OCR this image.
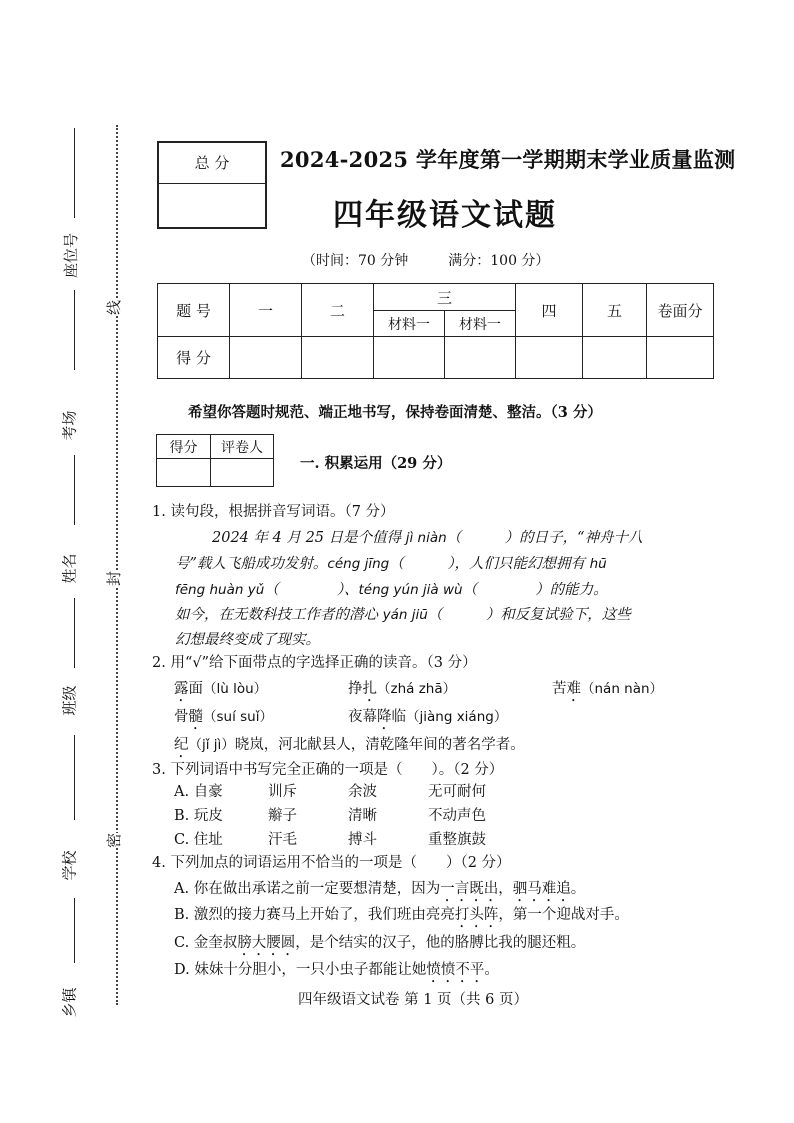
座位号
考场
姓名
班级
学校
乡镇
线
封
密
总 分	2024-2025 学年度第一学期期末学业质量监测
四年级语文试题
（时间：70 分钟	满分：100 分）
题 号	一	二	三		四	五	卷面分
			材料一	材料一			
得 分							
希望你答题时规范、端正地书写，保持卷面清楚、整洁。（3 分）
得分	评卷人

一. 积累运用（29 分）
1. 读句段，根据拼音写词语。（7 分）
2024 年 4 月 25 日是个值得 jì niàn（　　　）的日子，“神舟十八
号”载人飞船成功发射。céng jīng（　　　），人们只能幻想拥有 hū
fēng huàn yǔ（　　　　）、téng yún jià wù（　　　　）的能力。
如今，在无数科技工作者的潜心 yán jiū（　　　）和反复试验下，这些
幻想最终变成了现实。
2. 用“√”给下面带点的字选择正确的读音。（3 分）
露面（lù lòu）	挣扎（zhá zhā）	苦难（nán nàn）
骨髓（suí suǐ）	夜幕降临（jiàng xiáng）
纪（jǐ jì）晓岚，河北献县人，清乾隆年间的著名学者。
3. 下列词语中书写完全正确的一项是（　　）。（2 分）
A. 自豪	训斥	余波	无可耐何
B. 玩皮	辮子	清晰	不动声色
C. 住址	汗毛	搏斗	重整旗鼓
4. 下列加点的词语运用不恰当的一项是（　　）（2 分）
A. 你在做出承诺之前一定要想清楚，因为一言既出，驷马难追。
B. 激烈的接力赛马上开始了，我们班由亮亮打头阵，第一个迎战对手。
C. 金奎叔膀大腰圆，是个结实的汉子，他的胳膊比我的腿还粗。
D. 妹妹十分胆小，一只小虫子都能让她愤愤不平。
四年级语文试卷 第 1 页（共 6 页）
